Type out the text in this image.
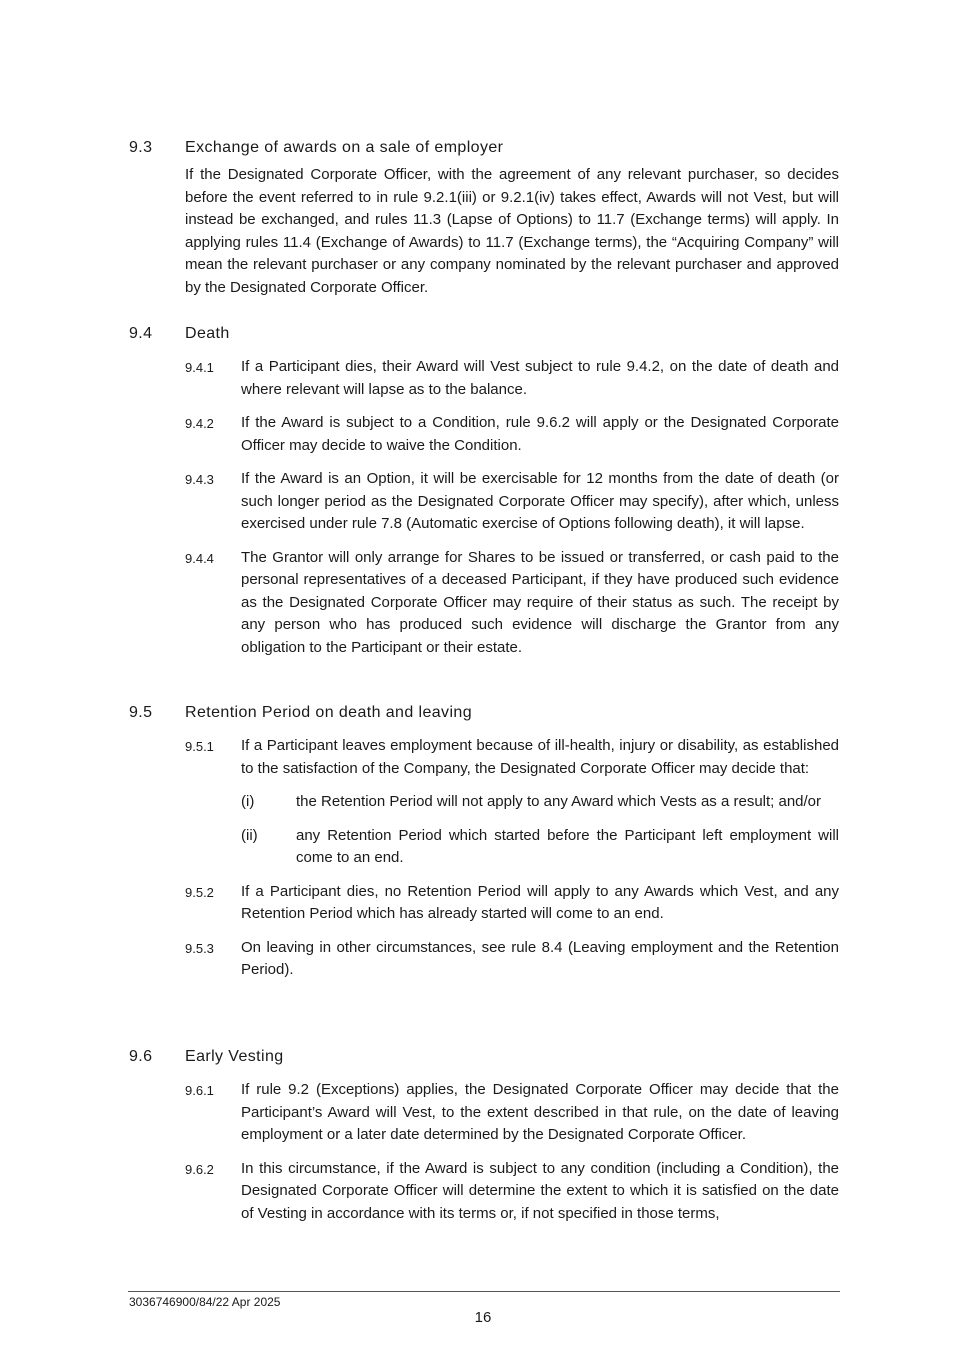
9.3	Exchange of awards on a sale of employer
If the Designated Corporate Officer, with the agreement of any relevant purchaser, so decides before the event referred to in rule 9.2.1(iii) or 9.2.1(iv) takes effect, Awards will not Vest, but will instead be exchanged, and rules 11.3 (Lapse of Options) to 11.7 (Exchange terms) will apply. In applying rules 11.4 (Exchange of Awards) to 11.7 (Exchange terms), the “Acquiring Company” will mean the relevant purchaser or any company nominated by the relevant purchaser and approved by the Designated Corporate Officer.
9.4	Death
9.4.1	If a Participant dies, their Award will Vest subject to rule 9.4.2, on the date of death and where relevant will lapse as to the balance.
9.4.2	If the Award is subject to a Condition, rule 9.6.2 will apply or the Designated Corporate Officer may decide to waive the Condition.
9.4.3	If the Award is an Option, it will be exercisable for 12 months from the date of death (or such longer period as the Designated Corporate Officer may specify), after which, unless exercised under rule 7.8 (Automatic exercise of Options following death), it will lapse.
9.4.4	The Grantor will only arrange for Shares to be issued or transferred, or cash paid to the personal representatives of a deceased Participant, if they have produced such evidence as the Designated Corporate Officer may require of their status as such. The receipt by any person who has produced such evidence will discharge the Grantor from any obligation to the Participant or their estate.
9.5	Retention Period on death and leaving
9.5.1	If a Participant leaves employment because of ill-health, injury or disability, as established to the satisfaction of the Company, the Designated Corporate Officer may decide that:
(i)	the Retention Period will not apply to any Award which Vests as a result; and/or
(ii)	any Retention Period which started before the Participant left employment will come to an end.
9.5.2	If a Participant dies, no Retention Period will apply to any Awards which Vest, and any Retention Period which has already started will come to an end.
9.5.3	On leaving in other circumstances, see rule 8.4 (Leaving employment and the Retention Period).
9.6	Early Vesting
9.6.1	If rule 9.2 (Exceptions) applies, the Designated Corporate Officer may decide that the Participant’s Award will Vest, to the extent described in that rule, on the date of leaving employment or a later date determined by the Designated Corporate Officer.
9.6.2	In this circumstance, if the Award is subject to any condition (including a Condition), the Designated Corporate Officer will determine the extent to which it is satisfied on the date of Vesting in accordance with its terms or, if not specified in those terms,
3036746900/84/22 Apr 2025
16
